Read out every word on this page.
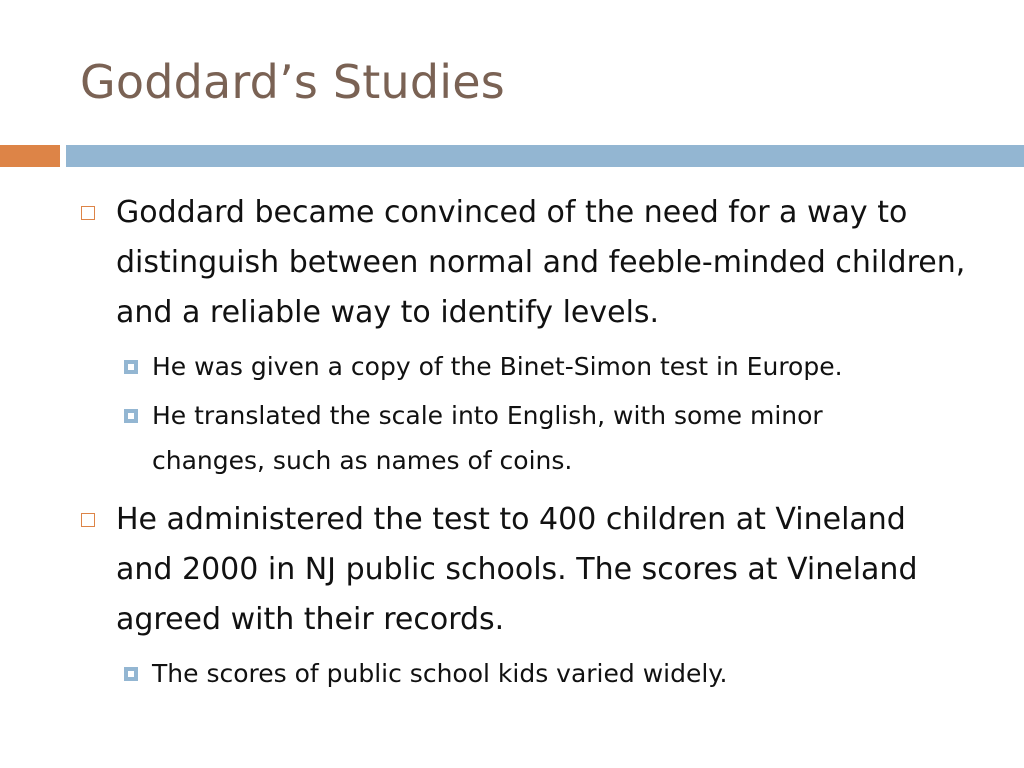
Goddard’s Studies
Goddard became convinced of the need for a way to distinguish between normal and feeble-minded children, and a reliable way to identify levels.
He was given a copy of the Binet-Simon test in Europe.
He translated the scale into English, with some minor changes, such as names of coins.
He administered the test to 400 children at Vineland and 2000 in NJ public schools. The scores at Vineland agreed with their records.
The scores of public school kids varied widely.
